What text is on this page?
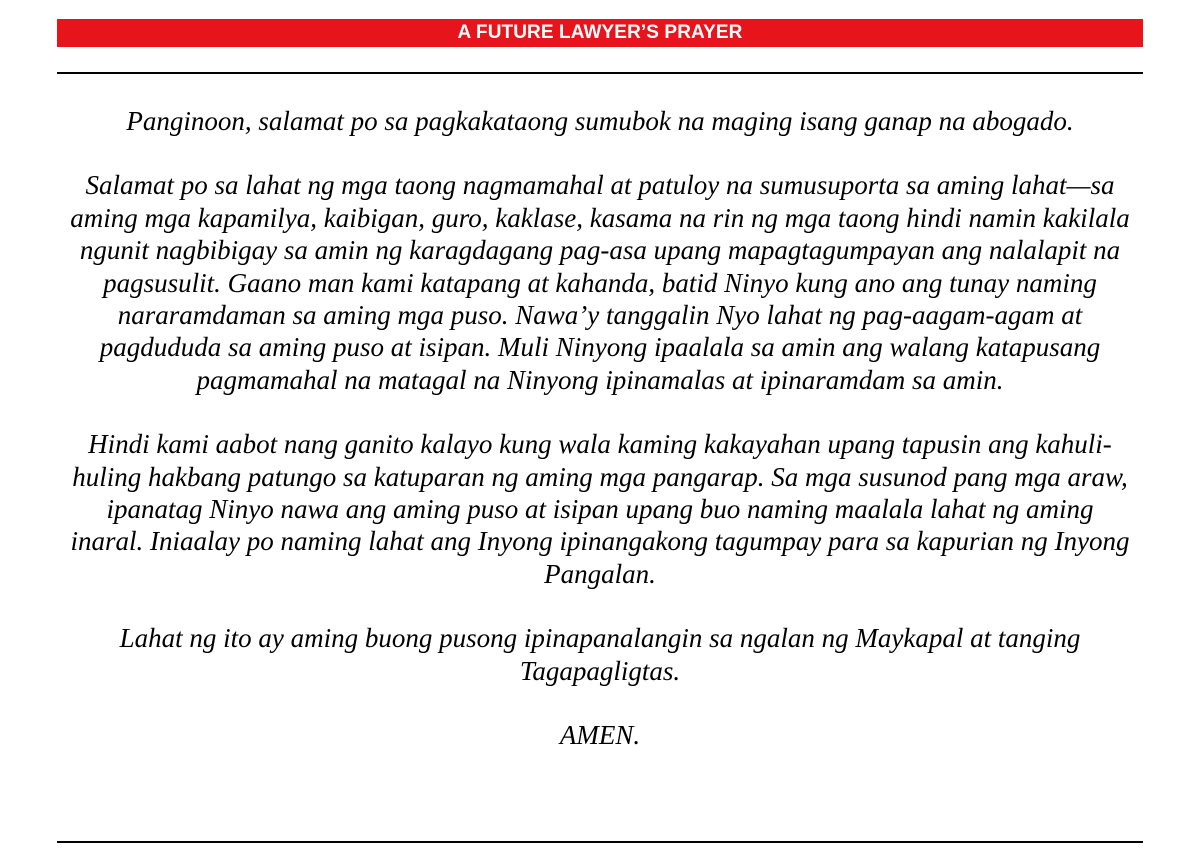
A FUTURE LAWYER’S PRAYER

Panginoon, salamat po sa pagkakataong sumubok na maging isang ganap na abogado.

Salamat po sa lahat ng mga taong nagmamahal at patuloy na sumusuporta sa aming lahat—sa aming mga kapamilya, kaibigan, guro, kaklase, kasama na rin ng mga taong hindi namin kakilala ngunit nagbibigay sa amin ng karagdagang pag-asa upang mapagtagumpayan ang nalalapit na pagsusulit. Gaano man kami katapang at kahanda, batid Ninyo kung ano ang tunay naming nararamdaman sa aming mga puso. Nawa’y tanggalin Nyo lahat ng pag-aagam-agam at pagdududa sa aming puso at isipan. Muli Ninyong ipaalala sa amin ang walang katapusang pagmamahal na matagal na Ninyong ipinamalas at ipinaramdam sa amin.

Hindi kami aabot nang ganito kalayo kung wala kaming kakayahan upang tapusin ang kahuli-huling hakbang patungo sa katuparan ng aming mga pangarap. Sa mga susunod pang mga araw, ipanatag Ninyo nawa ang aming puso at isipan upang buo naming maalala lahat ng aming inaral. Iniaalay po naming lahat ang Inyong ipinangakong tagumpay para sa kapurian ng Inyong Pangalan.

Lahat ng ito ay aming buong pusong ipinapanalangin sa ngalan ng Maykapal at tanging Tagapagligtas.

AMEN.
